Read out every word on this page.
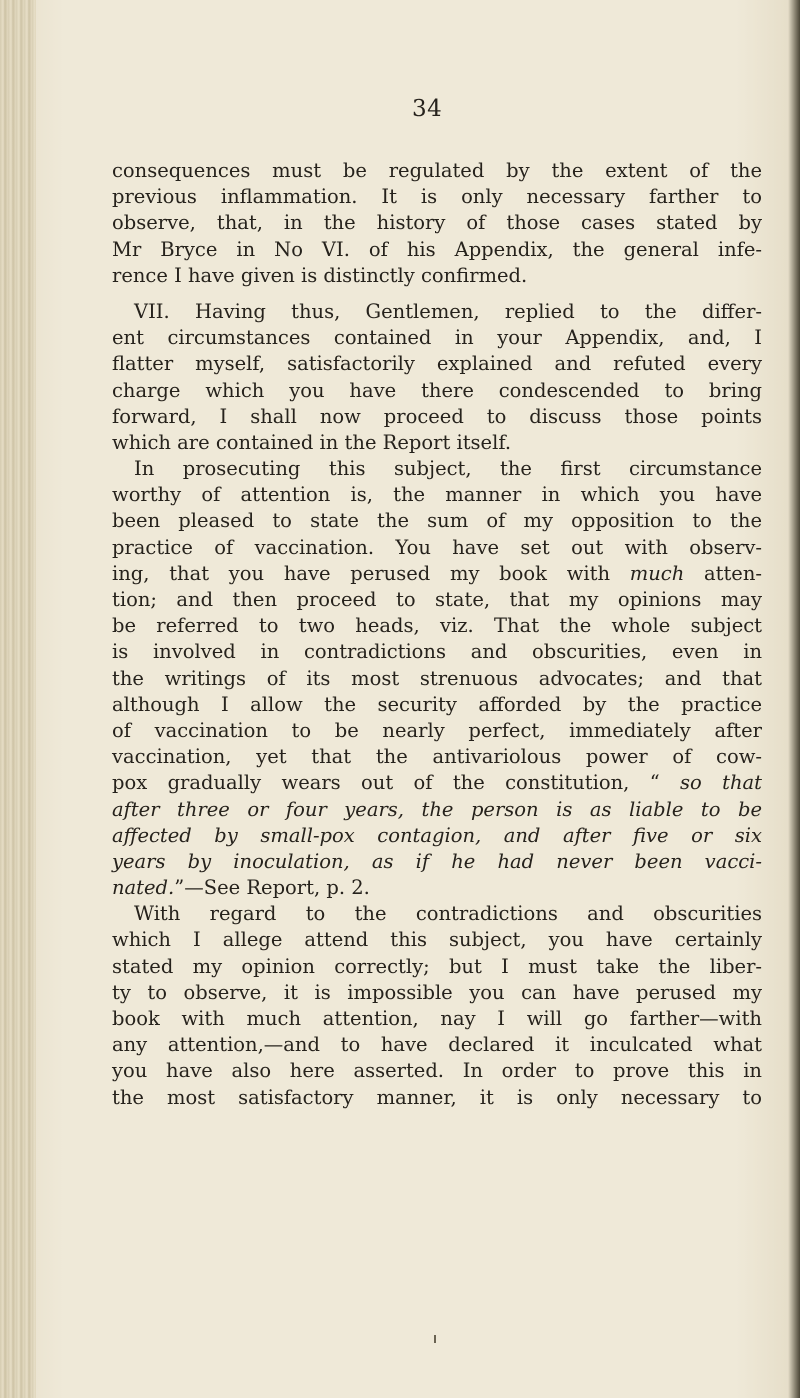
34
consequences must be regulated by the extent of the
previous inflammation. It is only necessary farther to
observe, that, in the history of those cases stated by
Mr Bryce in No VI. of his Appendix, the general infe-
rence I have given is distinctly confirmed.
VII. Having thus, Gentlemen, replied to the differ-
ent circumstances contained in your Appendix, and, I
flatter myself, satisfactorily explained and refuted every
charge which you have there condescended to bring
forward, I shall now proceed to discuss those points
which are contained in the Report itself.
In prosecuting this subject, the first circumstance
worthy of attention is, the manner in which you have
been pleased to state the sum of my opposition to the
practice of vaccination. You have set out with observ-
ing, that you have perused my book with much atten-
tion; and then proceed to state, that my opinions may
be referred to two heads, viz. That the whole subject
is involved in contradictions and obscurities, even in
the writings of its most strenuous advocates; and that
although I allow the security afforded by the practice
of vaccination to be nearly perfect, immediately after
vaccination, yet that the antivariolous power of cow-
pox gradually wears out of the constitution, “ so that
after three or four years, the person is as liable to be
affected by small-pox contagion, and after five or six
years by inoculation, as if he had never been vacci-
nated.”—See Report, p. 2.
With regard to the contradictions and obscurities
which I allege attend this subject, you have certainly
stated my opinion correctly; but I must take the liber-
ty to observe, it is impossible you can have perused my
book with much attention, nay I will go farther—with
any attention,—and to have declared it inculcated what
you have also here asserted. In order to prove this in
the most satisfactory manner, it is only necessary to
